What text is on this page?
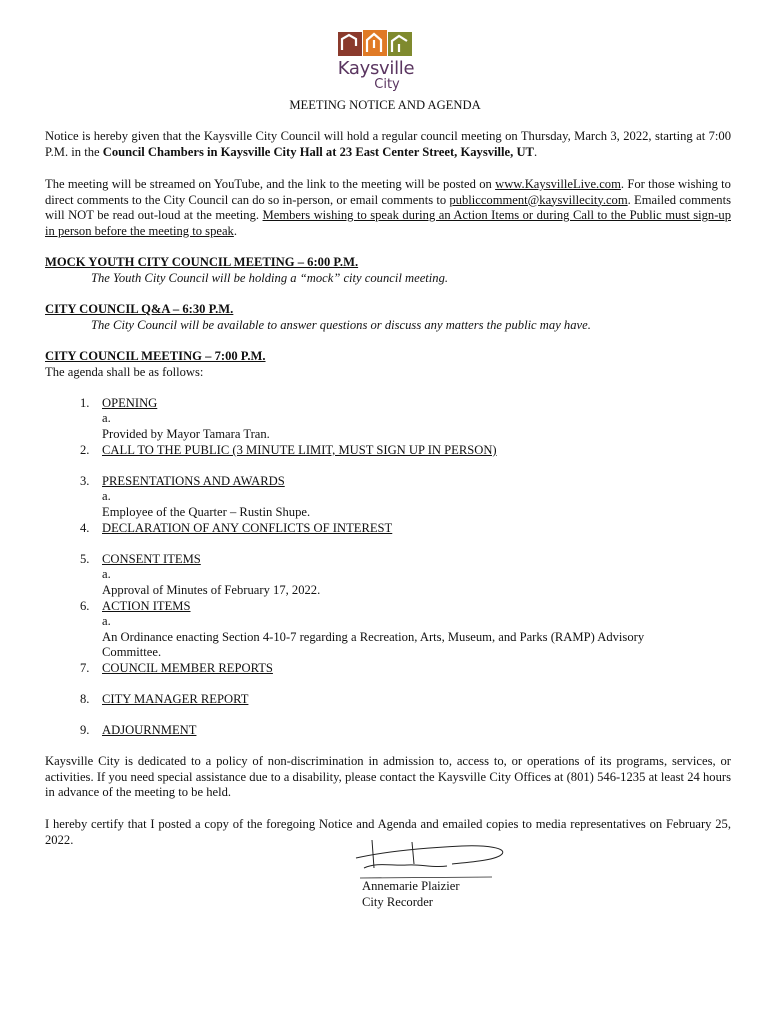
Kaysville
City
MEETING NOTICE AND AGENDA

Notice is hereby given that the Kaysville City Council will hold a regular council meeting on Thursday, March 3, 2022, starting at 7:00 P.M. in the Council Chambers in Kaysville City Hall at 23 East Center Street, Kaysville, UT.

The meeting will be streamed on YouTube, and the link to the meeting will be posted on www.KaysvilleLive.com. For those wishing to direct comments to the City Council can do so in-person, or email comments to publiccomment@kaysvillecity.com. Emailed comments will NOT be read out-loud at the meeting. Members wishing to speak during an Action Items or during Call to the Public must sign-up in person before the meeting to speak.

MOCK YOUTH CITY COUNCIL MEETING – 6:00 P.M.
The Youth City Council will be holding a “mock” city council meeting.
CITY COUNCIL Q&A – 6:30 P.M.
The City Council will be available to answer questions or discuss any matters the public may have.
CITY COUNCIL MEETING – 7:00 P.M.
The agenda shall be as follows:
1. OPENING
a.Provided by Mayor Tamara Tran.
2. CALL TO THE PUBLIC (3 MINUTE LIMIT, MUST SIGN UP IN PERSON)
3. PRESENTATIONS AND AWARDS
a.Employee of the Quarter – Rustin Shupe.
4. DECLARATION OF ANY CONFLICTS OF INTEREST
5. CONSENT ITEMS
a.Approval of Minutes of February 17, 2022.
6. ACTION ITEMS
a.An Ordinance enacting Section 4-10-7 regarding a Recreation, Arts, Museum, and Parks (RAMP) Advisory Committee.
7. COUNCIL MEMBER REPORTS
8. CITY MANAGER REPORT
9. ADJOURNMENT

Kaysville City is dedicated to a policy of non-discrimination in admission to, access to, or operations of its programs, services, or activities. If you need special assistance due to a disability, please contact the Kaysville City Offices at (801) 546-1235 at least 24 hours in advance of the meeting to be held.

I hereby certify that I posted a copy of the foregoing Notice and Agenda and emailed copies to media representatives on February 25, 2022.

Annemarie Plaizier
City Recorder
